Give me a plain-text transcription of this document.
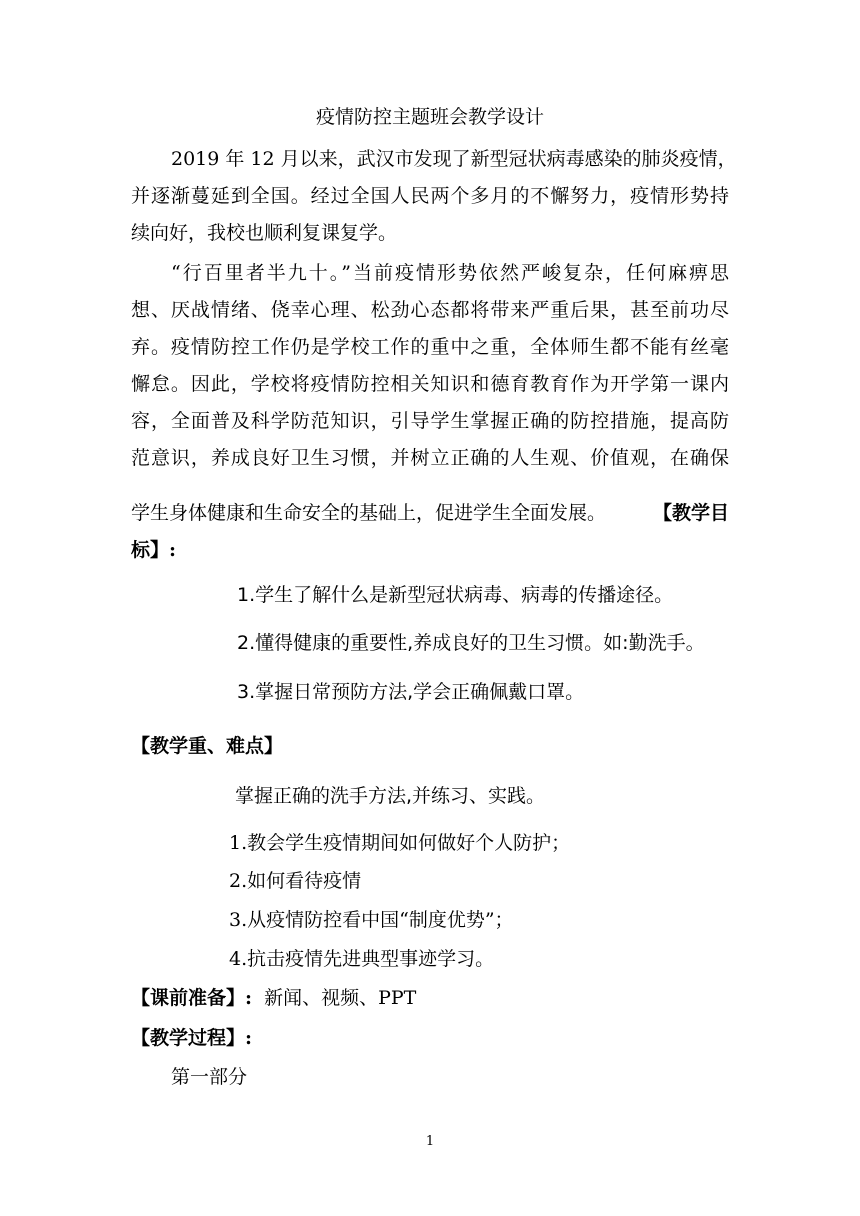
疫情防控主题班会教学设计
2019 年 12 月以来，武汉市发现了新型冠状病毒感染的肺炎疫情，
并逐渐蔓延到全国。经过全国人民两个多月的不懈努力，疫情形势持
续向好，我校也顺利复课复学。
“行百里者半九十。”当前疫情形势依然严峻复杂，任何麻痹思
想、厌战情绪、侥幸心理、松劲心态都将带来严重后果，甚至前功尽
弃。疫情防控工作仍是学校工作的重中之重，全体师生都不能有丝毫
懈怠。因此，学校将疫情防控相关知识和德育教育作为开学第一课内
容，全面普及科学防范知识，引导学生掌握正确的防控措施，提高防
范意识，养成良好卫生习惯，并树立正确的人生观、价值观，在确保
学生身体健康和生命安全的基础上，促进学生全面发展。 【教学目
标】:
1.学生了解什么是新型冠状病毒、病毒的传播途径。
2.懂得健康的重要性,养成良好的卫生习惯。如:勤洗手。
3.掌握日常预防方法,学会正确佩戴口罩。
【教学重、难点】
掌握正确的洗手方法,并练习、实践。
1.教会学生疫情期间如何做好个人防护；
2.如何看待疫情
3.从疫情防控看中国“制度优势”；
4.抗击疫情先进典型事迹学习。
【课前准备】: 新闻、视频、PPT
【教学过程】:
第一部分
1
